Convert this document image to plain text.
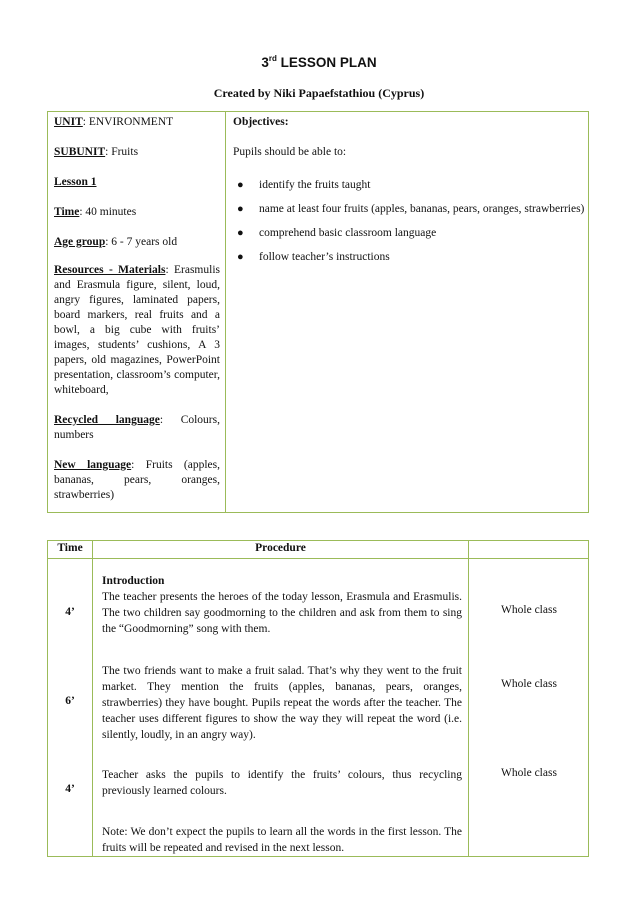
3rd LESSON PLAN
Created by Niki Papaefstathiou (Cyprus)

UNIT: ENVIRONMENT

SUBUNIT: Fruits

Lesson 1

Time: 40 minutes

Age group: 6 - 7 years old

Resources - Materials: Erasmulis and Erasmula figure, silent, loud, angry figures, laminated papers, board markers, real fruits and a bowl, a big cube with fruits’ images, students’ cushions, A 3 papers, old magazines, PowerPoint presentation, classroom’s computer, whiteboard,

Recycled language: Colours, numbers

New language: Fruits (apples, bananas, pears, oranges, strawberries)

Objectives:

Pupils should be able to:

● identify the fruits taught
● name at least four fruits (apples, bananas, pears, oranges, strawberries)
● comprehend basic classroom language
● follow teacher’s instructions
Time	Procedure
4’

Introduction

The teacher presents the heroes of the today lesson, Erasmula and Erasmulis. The two children say goodmorning to the children and ask from them to sing the “Goodmorning” song with them.

Whole class
6’

The two friends want to make a fruit salad. That’s why they went to the fruit market. They mention the fruits (apples, bananas, pears, oranges, strawberries) they have bought. Pupils repeat the words after the teacher. The teacher uses different figures to show the way they will repeat the word (i.e. silently, loudly, in an angry way).

Whole class
4’

Teacher asks the pupils to identify the fruits’ colours, thus recycling previously learned colours.

Whole class
Note: We don’t expect the pupils to learn all the words in the first lesson. The fruits will be repeated and revised in the next lesson.
